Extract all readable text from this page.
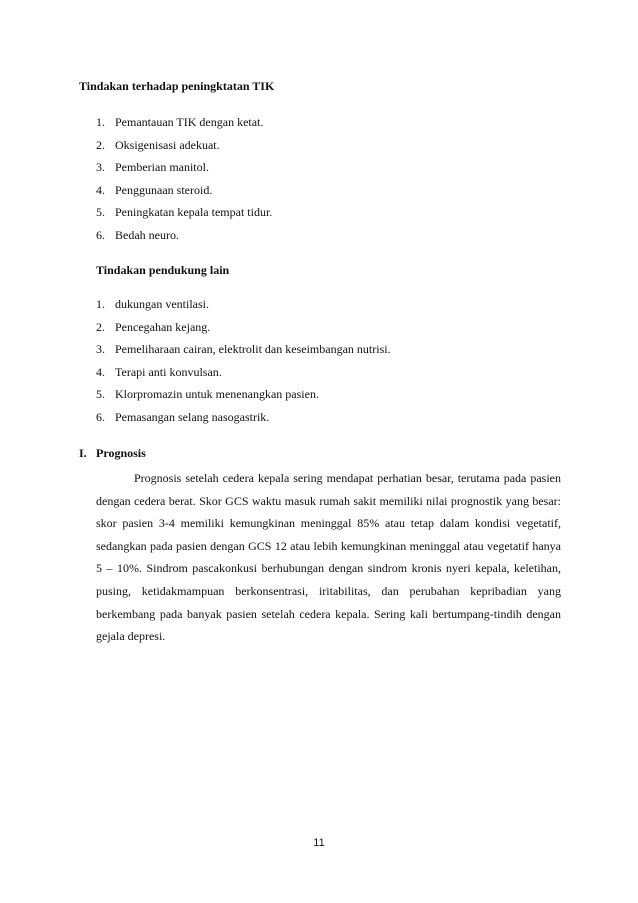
Tindakan terhadap peningktatan TIK
1. Pemantauan TIK dengan ketat.
2. Oksigenisasi adekuat.
3. Pemberian manitol.
4. Penggunaan steroid.
5. Peningkatan kepala tempat tidur.
6. Bedah neuro.
Tindakan pendukung lain
1. dukungan ventilasi.
2. Pencegahan kejang.
3. Pemeliharaan cairan, elektrolit dan keseimbangan nutrisi.
4. Terapi anti konvulsan.
5. Klorpromazin untuk menenangkan pasien.
6. Pemasangan selang nasogastrik.
I. Prognosis

Prognosis setelah cedera kepala sering mendapat perhatian besar, terutama pada pasien dengan cedera berat. Skor GCS waktu masuk rumah sakit memiliki nilai prognostik yang besar: skor pasien 3-4 memiliki kemungkinan meninggal 85% atau tetap dalam kondisi vegetatif, sedangkan pada pasien dengan GCS 12 atau lebih kemungkinan meninggal atau vegetatif hanya 5 – 10%. Sindrom pascakonkusi berhubungan dengan sindrom kronis nyeri kepala, keletihan, pusing, ketidakmampuan berkonsentrasi, iritabilitas, dan perubahan kepribadian yang berkembang pada banyak pasien setelah cedera kepala. Sering kali bertumpang-tindih dengan gejala depresi.

11
